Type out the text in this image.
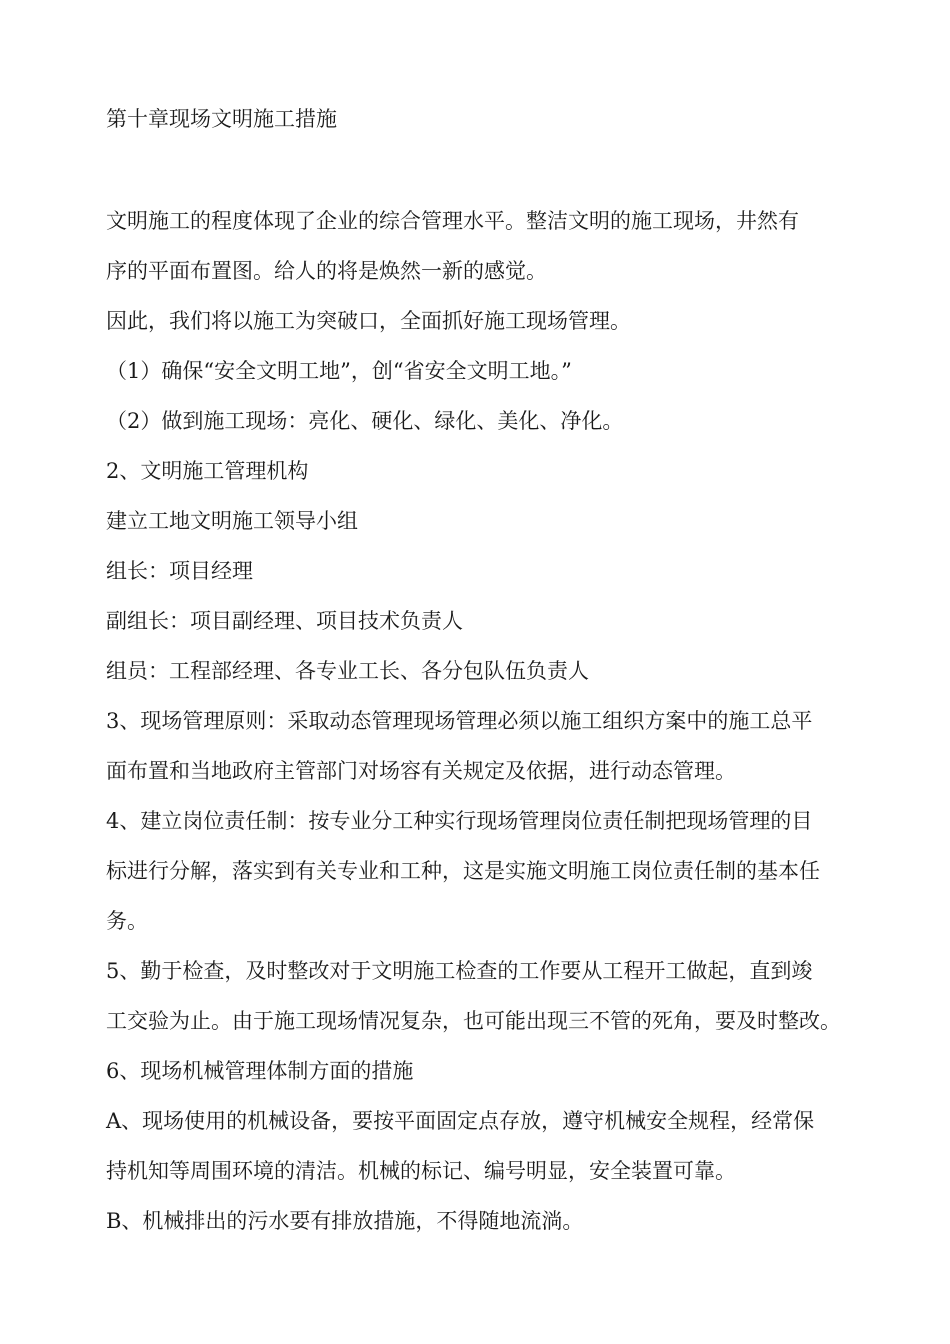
第十章现场文明施工措施
文明施工的程度体现了企业的综合管理水平。整洁文明的施工现场，井然有
序的平面布置图。给人的将是焕然一新的感觉。
因此，我们将以施工为突破口，全面抓好施工现场管理。
（1）确保“安全文明工地”，创“省安全文明工地。”
（2）做到施工现场：亮化、硬化、绿化、美化、净化。
2、文明施工管理机构
建立工地文明施工领导小组
组长：项目经理
副组长：项目副经理、项目技术负责人
组员：工程部经理、各专业工长、各分包队伍负责人
3、现场管理原则：采取动态管理现场管理必须以施工组织方案中的施工总平
面布置和当地政府主管部门对场容有关规定及依据，进行动态管理。
4、建立岗位责任制：按专业分工种实行现场管理岗位责任制把现场管理的目
标进行分解，落实到有关专业和工种，这是实施文明施工岗位责任制的基本任
务。
5、勤于检查，及时整改对于文明施工检查的工作要从工程开工做起，直到竣
工交验为止。由于施工现场情况复杂，也可能出现三不管的死角，要及时整改。
6、现场机械管理体制方面的措施
A、现场使用的机械设备，要按平面固定点存放，遵守机械安全规程，经常保
持机知等周围环境的清洁。机械的标记、编号明显，安全装置可靠。
B、机械排出的污水要有排放措施，不得随地流淌。
